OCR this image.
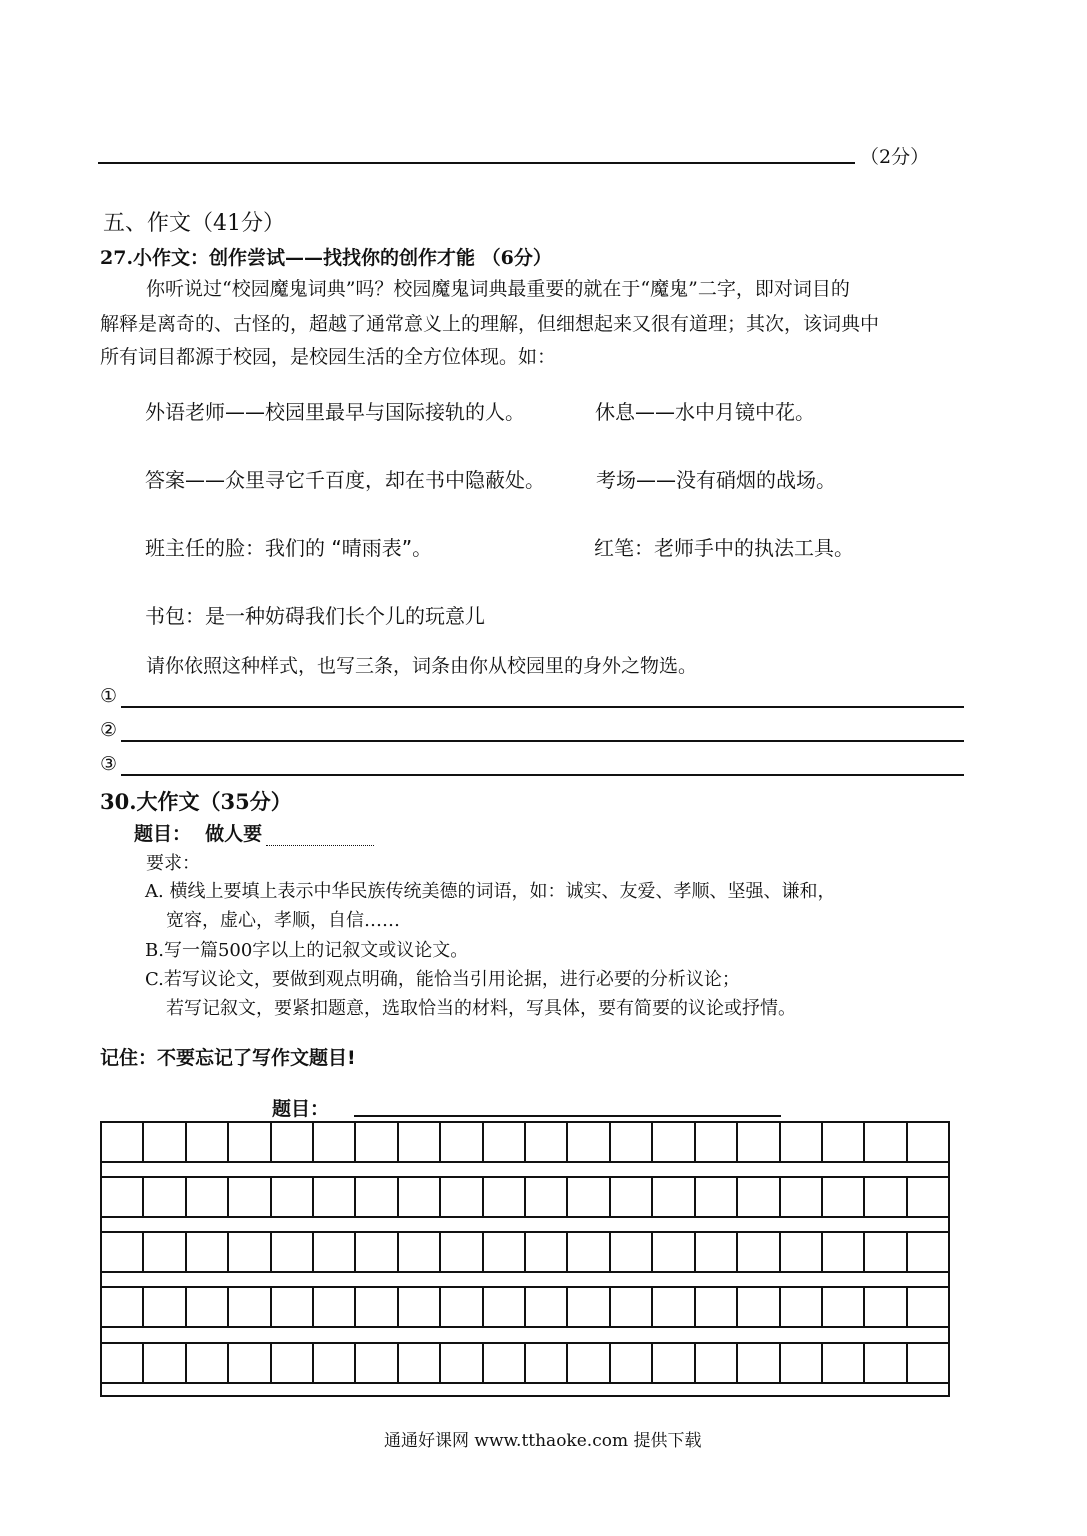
（2分）
五、作文（41分）
27.小作文：创作尝试——找找你的创作才能 （6分）
你听说过“校园魔鬼词典”吗？校园魔鬼词典最重要的就在于“魔鬼”二字，即对词目的
解释是离奇的、古怪的，超越了通常意义上的理解，但细想起来又很有道理；其次，该词典中
所有词目都源于校园，是校园生活的全方位体现。如：
外语老师——校园里最早与国际接轨的人。	休息——水中月镜中花。
答案——众里寻它千百度，却在书中隐蔽处。	考场——没有硝烟的战场。
班主任的脸：我们的 “晴雨表”。	红笔：老师手中的执法工具。
书包：是一种妨碍我们长个儿的玩意儿
请你依照这种样式，也写三条，词条由你从校园里的身外之物选。
①
②
③
30.大作文（35分）
题目： 做人要
要求：
A. 横线上要填上表示中华民族传统美德的词语，如：诚实、友爱、孝顺、坚强、谦和，
宽容，虚心，孝顺，自信……
B.写一篇500字以上的记叙文或议论文。
C.若写议论文，要做到观点明确，能恰当引用论据，进行必要的分析议论；
若写记叙文，要紧扣题意，选取恰当的材料，写具体，要有简要的议论或抒情。
记住：不要忘记了写作文题目!
题目：
通通好课网 www.tthaoke.com 提供下载
